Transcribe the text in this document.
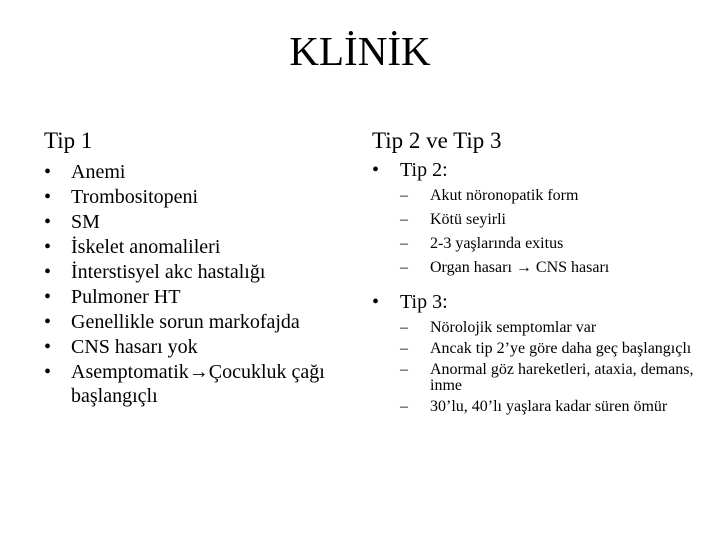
KLİNİK
Tip 1	Tip 2 ve Tip 3
• Anemi
• Trombositopeni
• SM
• İskelet anomalileri
• İnterstisyel akc hastalığı
• Pulmoner HT
• Genellikle sorun markofajda
• CNS hasarı yok
• Asemptomatik→Çocukluk çağı başlangıçlı
• Tip 2:
– Akut nöronopatik form
– Kötü seyirli
– 2-3 yaşlarında exitus
– Organ hasarı → CNS hasarı
• Tip 3:
– Nörolojik semptomlar var
– Ancak tip 2’ye göre daha geç başlangıçlı
– Anormal göz hareketleri, ataxia, demans, inme
– 30’lu, 40’lı yaşlara kadar süren ömür
